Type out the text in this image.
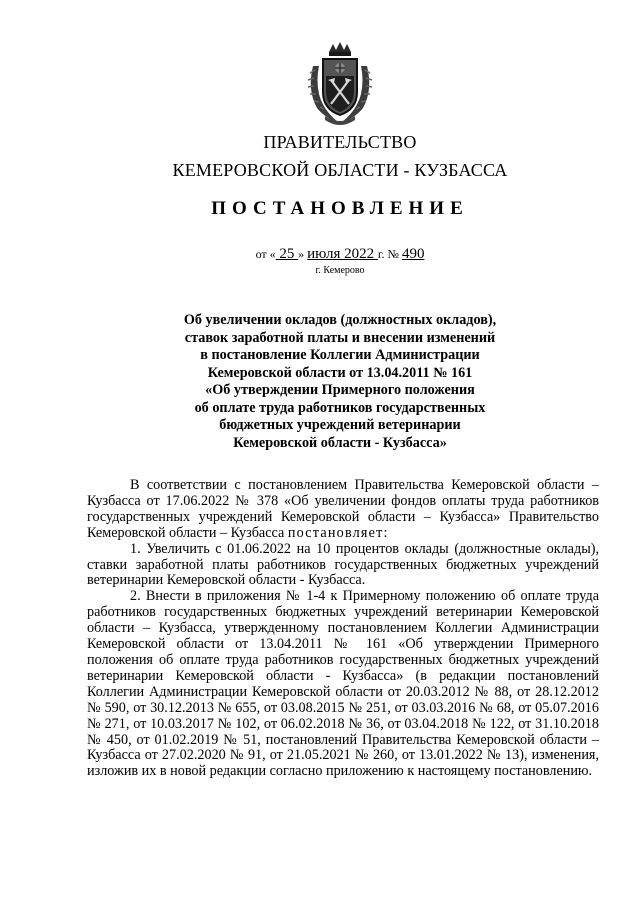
ПРАВИТЕЛЬСТВО
КЕМЕРОВСКОЙ ОБЛАСТИ - КУЗБАССА
ПОСТАНОВЛЕНИЕ
от « 25 » июля 2022 г. № 490
г. Кемерово
Об увеличении окладов (должностных окладов),
ставок заработной платы и внесении изменений
в постановление Коллегии Администрации
Кемеровской области от 13.04.2011 № 161
«Об утверждении Примерного положения
об оплате труда работников государственных
бюджетных учреждений ветеринарии
Кемеровской области - Кузбасса»

В соответствии с постановлением Правительства Кемеровской области – Кузбасса от 17.06.2022 № 378 «Об увеличении фондов оплаты труда работников государственных учреждений Кемеровской области – Кузбасса» Правительство Кемеровской области – Кузбасса постановляет:

1. Увеличить с 01.06.2022 на 10 процентов оклады (должностные оклады), ставки заработной платы работников государственных бюджетных учреждений ветеринарии Кемеровской области - Кузбасса.

2. Внести в приложения № 1-4 к Примерному положению об оплате труда работников государственных бюджетных учреждений ветеринарии Кемеровской области – Кузбасса, утвержденному постановлением Коллегии Администрации Кемеровской области от 13.04.2011 № 161 «Об утверждении Примерного положения об оплате труда работников государственных бюджетных учреждений ветеринарии Кемеровской области - Кузбасса» (в редакции постановлений Коллегии Администрации Кемеровской области от 20.03.2012 № 88, от 28.12.2012 № 590, от 30.12.2013 № 655, от 03.08.2015 № 251, от 03.03.2016 № 68, от 05.07.2016 № 271, от 10.03.2017 № 102, от 06.02.2018 № 36, от 03.04.2018 № 122, от 31.10.2018 № 450, от 01.02.2019 № 51, постановлений Правительства Кемеровской области – Кузбасса от 27.02.2020 № 91, от 21.05.2021 № 260, от 13.01.2022 № 13), изменения, изложив их в новой редакции согласно приложению к настоящему постановлению.
